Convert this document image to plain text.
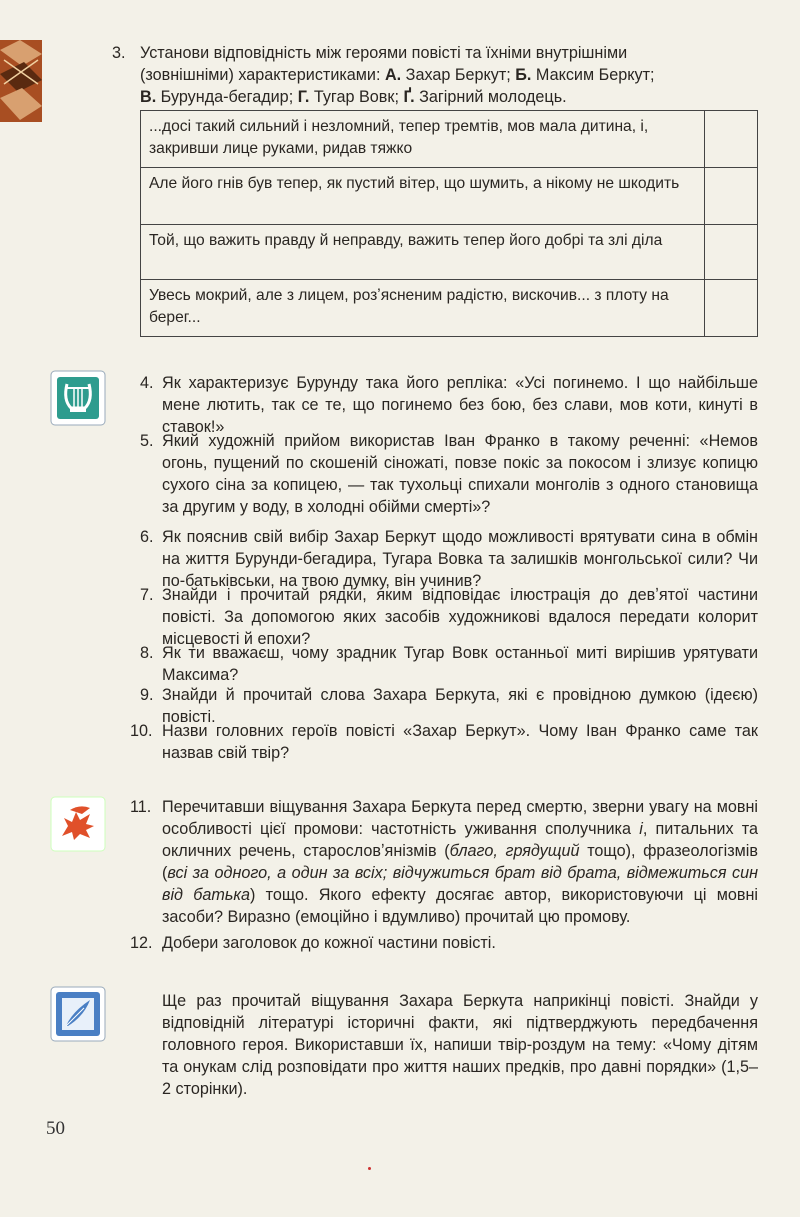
3. Установи відповідність між героями повісті та їхніми внутрішніми

(зовнішніми) характеристиками: А. Захар Беркут; Б. Максим Беркут;

В. Бурунда-бегадир; Г. Тугар Вовк; Ґ. Загірний молодець.

...досі такий сильний і незломний, тепер тремтів, мов мала дитина, і, закривши лице руками, ридав тяжко	
Але його гнів був тепер, як пустий вітер, що шумить, а нікому не шкодить	
Той, що важить правду й неправду, важить тепер його добрі та злі діла	
Увесь мокрий, але з лицем, розʼясненим радістю, вискочив... з плоту на берег...	
4. Як характеризує Бурунду така його репліка: «Усі погинемо. І що найбільше мене лютить, так се те, що погинемо без бою, без слави, мов коти, кинуті в ставок!»
5. Який художній прийом використав Іван Франко в такому реченні: «Немов огонь, пущений по скошеній сіножаті, повзе покіс за покосом і злизує копицю сухого сіна за копицею, — так тухольці спихали монголів з одного становища за другим у воду, в холодні обійми смерті»?
6. Як пояснив свій вибір Захар Беркут щодо можливості врятувати сина в обмін на життя Бурунди-бегадира, Тугара Вовка та залишків монгольської сили? Чи по-батьківськи, на твою думку, він учинив?
7. Знайди і прочитай рядки, яким відповідає ілюстрація до девʼятої частини повісті. За допомогою яких засобів художникові вдалося передати колорит місцевості й епохи?
8. Як ти вважаєш, чому зрадник Тугар Вовк останньої миті вирішив урятувати Максима?
9. Знайди й прочитай слова Захара Беркута, які є провідною думкою (ідеєю) повісті.
10. Назви головних героїв повісті «Захар Беркут». Чому Іван Франко саме так назвав свій твір?
11. Перечитавши віщування Захара Беркута перед смертю, зверни увагу на мовні особливості цієї промови: частотність уживання сполучника і, питальних та окличних речень, старословʼянізмів (благо, грядущий тощо), фразеологізмів (всі за одного, а один за всіх; відчужиться брат від брата, відмежиться син від батька) тощо. Якого ефекту досягає автор, використовуючи ці мовні засоби? Виразно (емоційно і вдумливо) прочитай цю промову.
12. Добери заголовок до кожної частини повісті.
Ще раз прочитай віщування Захара Беркута наприкінці повісті. Знайди у відповідній літературі історичні факти, які підтверджують передбачення головного героя. Використавши їх, напиши твір-роздум на тему: «Чому дітям та онукам слід розповідати про життя наших предків, про давні порядки» (1,5–2 сторінки).
50
